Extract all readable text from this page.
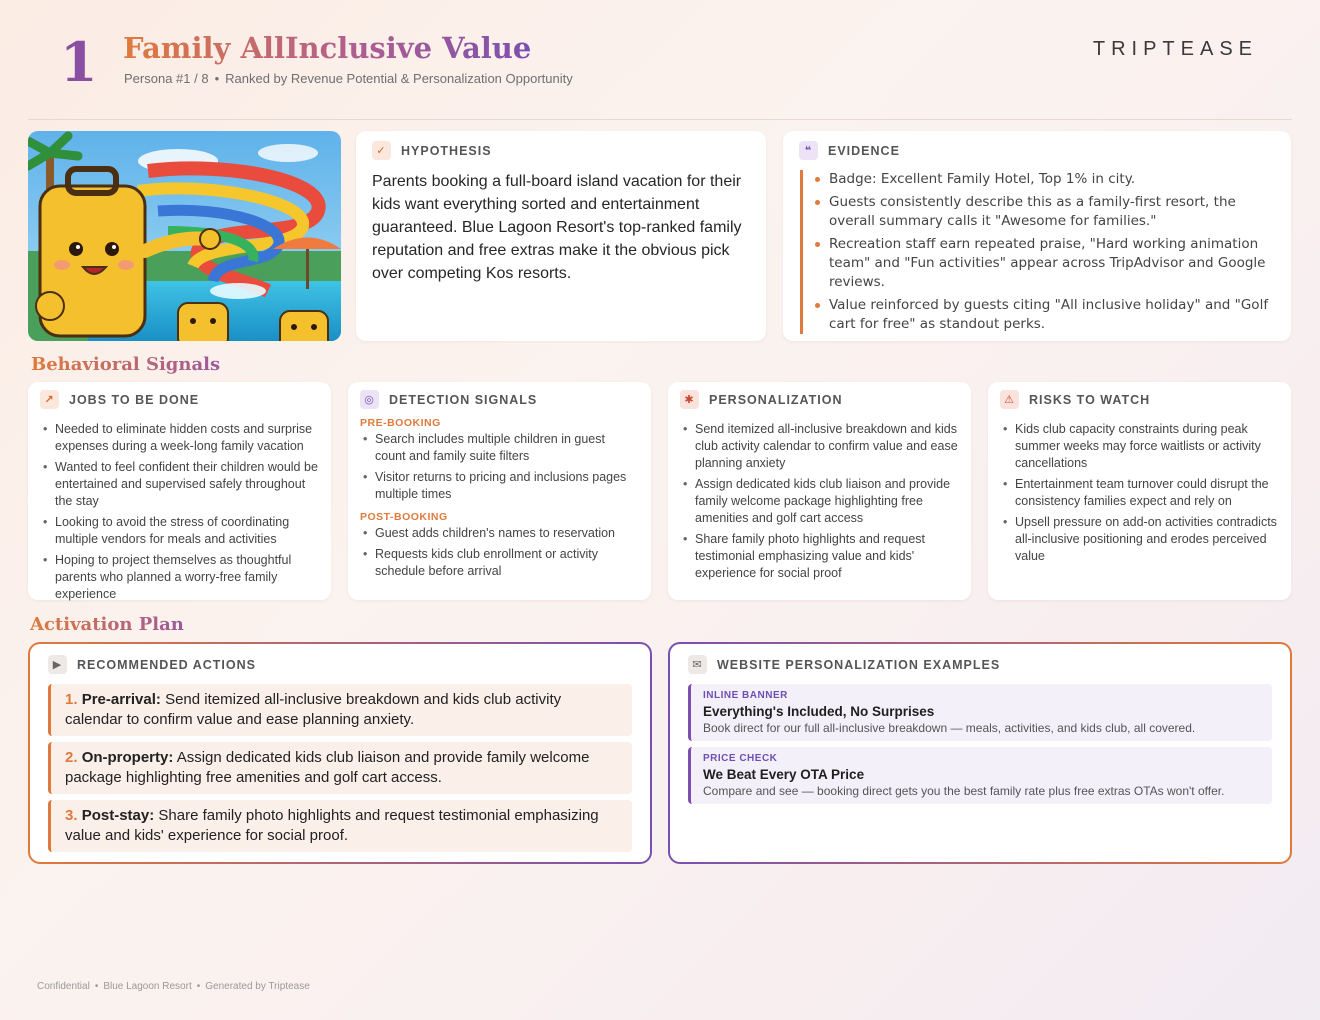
1 Family AllInclusive Value
Persona #1 / 8 • Ranked by Revenue Potential & Personalization Opportunity
TRIPTEASE
✓	HYPOTHESIS

Parents booking a full-board island vacation for their kids want everything sorted and entertainment guaranteed. Blue Lagoon Resort's top-ranked family reputation and free extras make it the obvious pick over competing Kos resorts.

❝	EVIDENCE
Badge: Excellent Family Hotel, Top 1% in city.
Guests consistently describe this as a family-first resort, the overall summary calls it "Awesome for families."
Recreation staff earn repeated praise, "Hard working animation team" and "Fun activities" appear across TripAdvisor and Google reviews.
Value reinforced by guests citing "All inclusive holiday" and "Golf cart for free" as standout perks.
Behavioral Signals
↗	JOBS TO BE DONE
• Needed to eliminate hidden costs and surprise expenses during a week-long family vacation
• Wanted to feel confident their children would be entertained and supervised safely throughout the stay
• Looking to avoid the stress of coordinating multiple vendors for meals and activities
• Hoping to project themselves as thoughtful parents who planned a worry-free family experience
◎	DETECTION SIGNALS
PRE-BOOKING
• Search includes multiple children in guest count and family suite filters
• Visitor returns to pricing and inclusions pages multiple times
POST-BOOKING
• Guest adds children's names to reservation
• Requests kids club enrollment or activity schedule before arrival
✱	PERSONALIZATION
• Send itemized all-inclusive breakdown and kids club activity calendar to confirm value and ease planning anxiety
• Assign dedicated kids club liaison and provide family welcome package highlighting free amenities and golf cart access
• Share family photo highlights and request testimonial emphasizing value and kids' experience for social proof
⚠	RISKS TO WATCH
• Kids club capacity constraints during peak summer weeks may force waitlists or activity cancellations
• Entertainment team turnover could disrupt the consistency families expect and rely on
• Upsell pressure on add-on activities contradicts all-inclusive positioning and erodes perceived value
Activation Plan
▶	RECOMMENDED ACTIONS
1. Pre-arrival: Send itemized all-inclusive breakdown and kids club activity calendar to confirm value and ease planning anxiety.
2. On-property: Assign dedicated kids club liaison and provide family welcome package highlighting free amenities and golf cart access.
3. Post-stay: Share family photo highlights and request testimonial emphasizing value and kids' experience for social proof.
✉	WEBSITE PERSONALIZATION EXAMPLES
INLINE BANNER
Everything's Included, No Surprises
Book direct for our full all-inclusive breakdown — meals, activities, and kids club, all covered.
PRICE CHECK
We Beat Every OTA Price
Compare and see — booking direct gets you the best family rate plus free extras OTAs won't offer.
Confidential • Blue Lagoon Resort • Generated by Triptease
